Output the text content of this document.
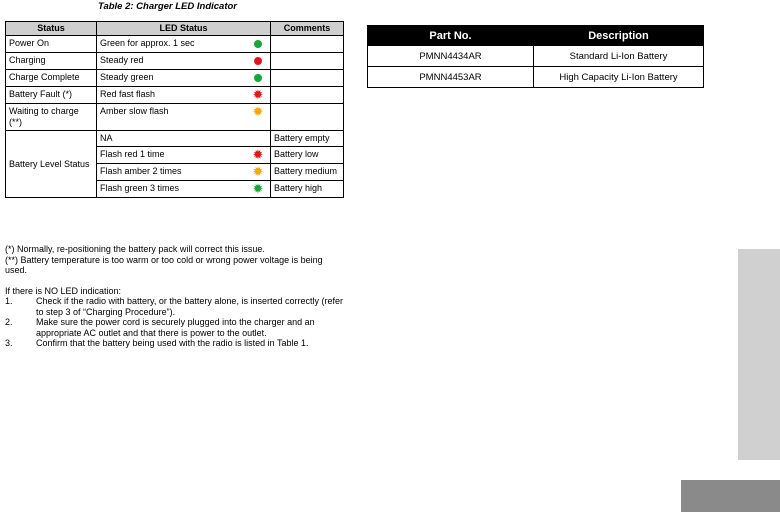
Table 2: Charger LED Indicator
Status	LED Status	Comments
Power On	Green for approx. 1 sec	

Charging	Steady red	

Charge Complete	Steady green	

Battery Fault (*)	Red fast flash ✹	

Waiting to charge (**)	Amber slow flash ✹	

Battery Level Status	NA	Battery empty

	Flash red 1 time ✹	Battery low

	Flash amber 2 times ✹	Battery medium

	Flash green 3 times ✹	Battery high

(*) Normally, re-positioning the battery pack will correct this issue.

(**) Battery temperature is too warm or too cold or wrong power voltage is being used.

If there is NO LED indication:

1.	Check if the radio with battery, or the battery alone, is inserted correctly (refer to step 3 of “Charging Procedure”).
2.	Make sure the power cord is securely plugged into the charger and an appropriate AC outlet and that there is power to the outlet.
3.	Confirm that the battery being used with the radio is listed in Table 1.
Part No.	Description
PMNN4434AR	Standard Li-Ion Battery
PMNN4453AR	High Capacity Li-Ion Battery
